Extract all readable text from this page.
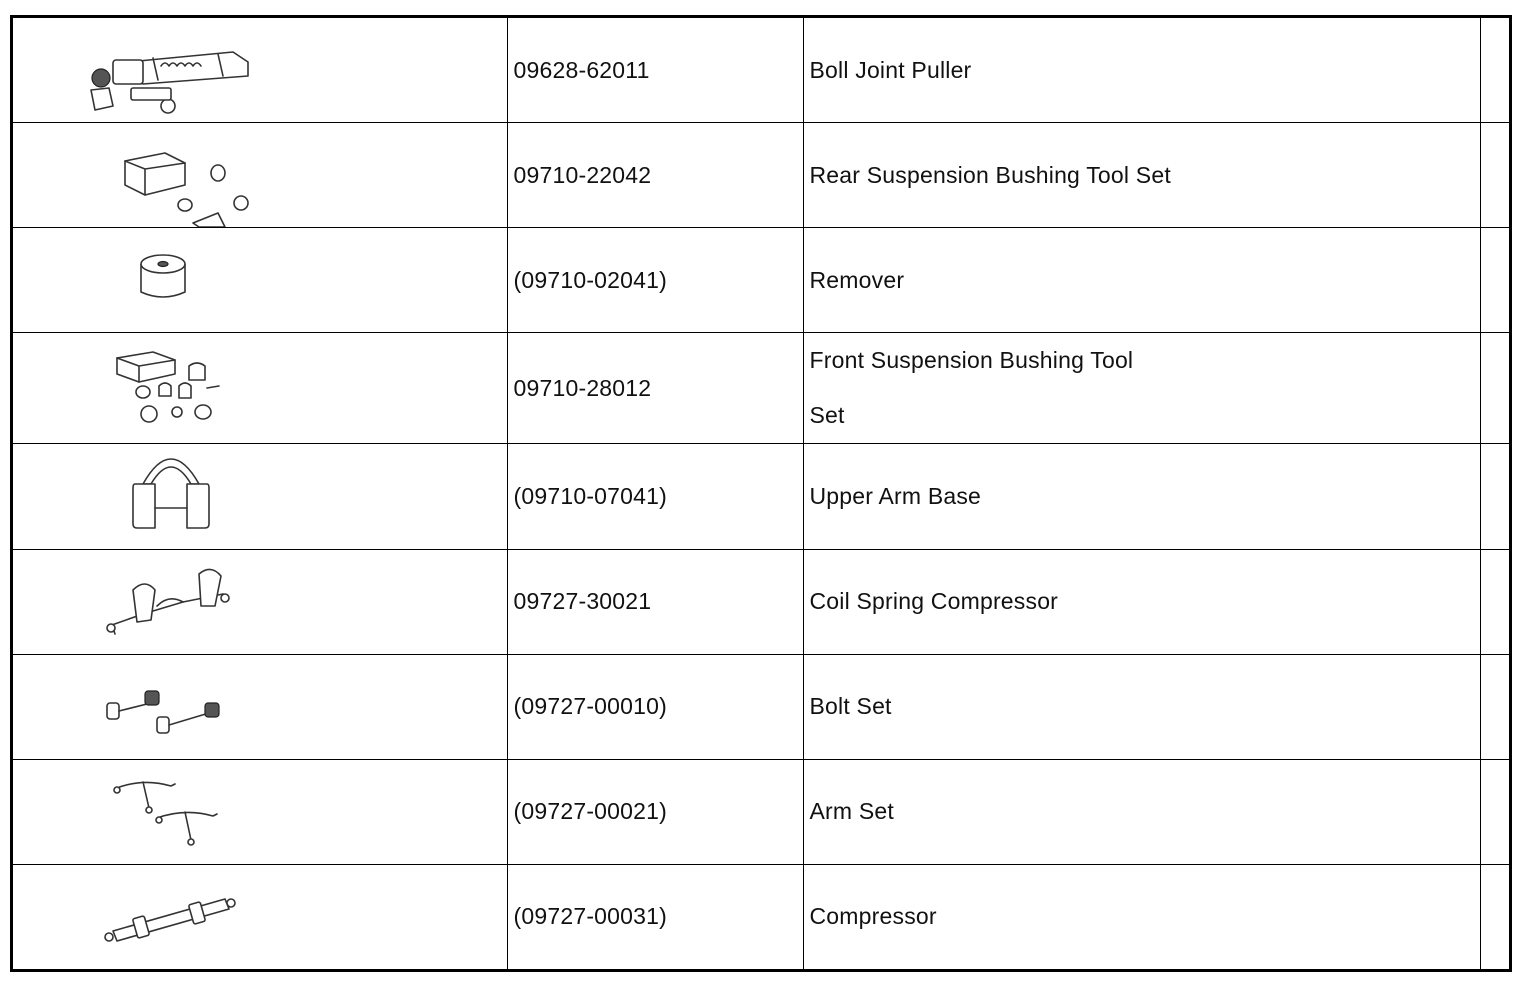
	09628-62011	Boll Joint Puller	

	09710-22042	Rear Suspension Bushing Tool Set	

	(09710-02041)	Remover	

	09710-28012	Front Suspension Bushing Tool
Set	

	(09710-07041)	Upper Arm Base	

	09727-30021	Coil Spring Compressor	

	(09727-00010)	Bolt Set	

	(09727-00021)	Arm Set	

	(09727-00031)	Compressor	
